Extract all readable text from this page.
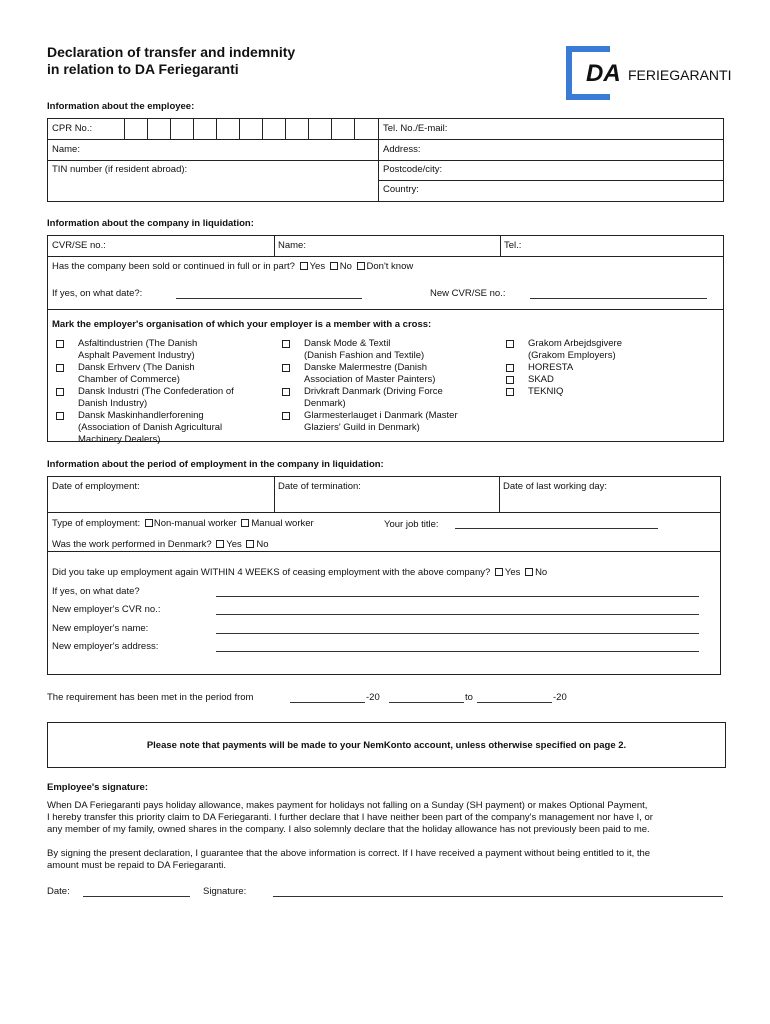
Declaration of transfer and indemnity
in relation to DA Feriegaranti	DA FERIEGARANTI
Information about the employee:
CPR No.:	Tel. No./E-mail:
Name:	Address:
TIN number (if resident abroad):	Postcode/city:
Country:
Information about the company in liquidation:
CVR/SE no.:	Name:	Tel.:
Has the company been sold or continued in full or in part? Yes No Don't know
If yes, on what date?:	New CVR/SE no.:
Mark the employer's organisation of which your employer is a member with a cross:
Asfaltindustrien (The Danish
Asphalt Pavement Industry)
Dansk Erhverv (The Danish
Chamber of Commerce)
Dansk Industri (The Confederation of
Danish Industry)
Dansk Maskinhandlerforening
(Association of Danish Agricultural
Machinery Dealers)
Dansk Mode & Textil
(Danish Fashion and Textile)
Danske Malermestre (Danish
Association of Master Painters)
Drivkraft Danmark (Driving Force
Denmark)
Glarmesterlauget i Danmark (Master
Glaziers' Guild in Denmark)
Grakom Arbejdsgivere
(Grakom Employers)
HORESTA
SKAD
TEKNIQ
Information about the period of employment in the company in liquidation:
Date of employment:	Date of termination:	Date of last working day:
Type of employment: Non-manual worker Manual worker	Your job title:
Was the work performed in Denmark? Yes No
Did you take up employment again WITHIN 4 WEEKS of ceasing employment with the above company? Yes No
If yes, on what date?
New employer's CVR no.:
New employer's name:
New employer's address:
The requirement has been met in the period from	-20	to	-20
Please note that payments will be made to your NemKonto account, unless otherwise specified on page 2.
Employee's signature:
When DA Feriegaranti pays holiday allowance, makes payment for holidays not falling on a Sunday (SH payment) or makes Optional Payment,
I hereby transfer this priority claim to DA Feriegaranti. I further declare that I have neither been part of the company's management nor have I, or
any member of my family, owned shares in the company. I also solemnly declare that the holiday allowance has not previously been paid to me.
By signing the present declaration, I guarantee that the above information is correct. If I have received a payment without being entitled to it, the
amount must be repaid to DA Feriegaranti.
Date:	Signature:
